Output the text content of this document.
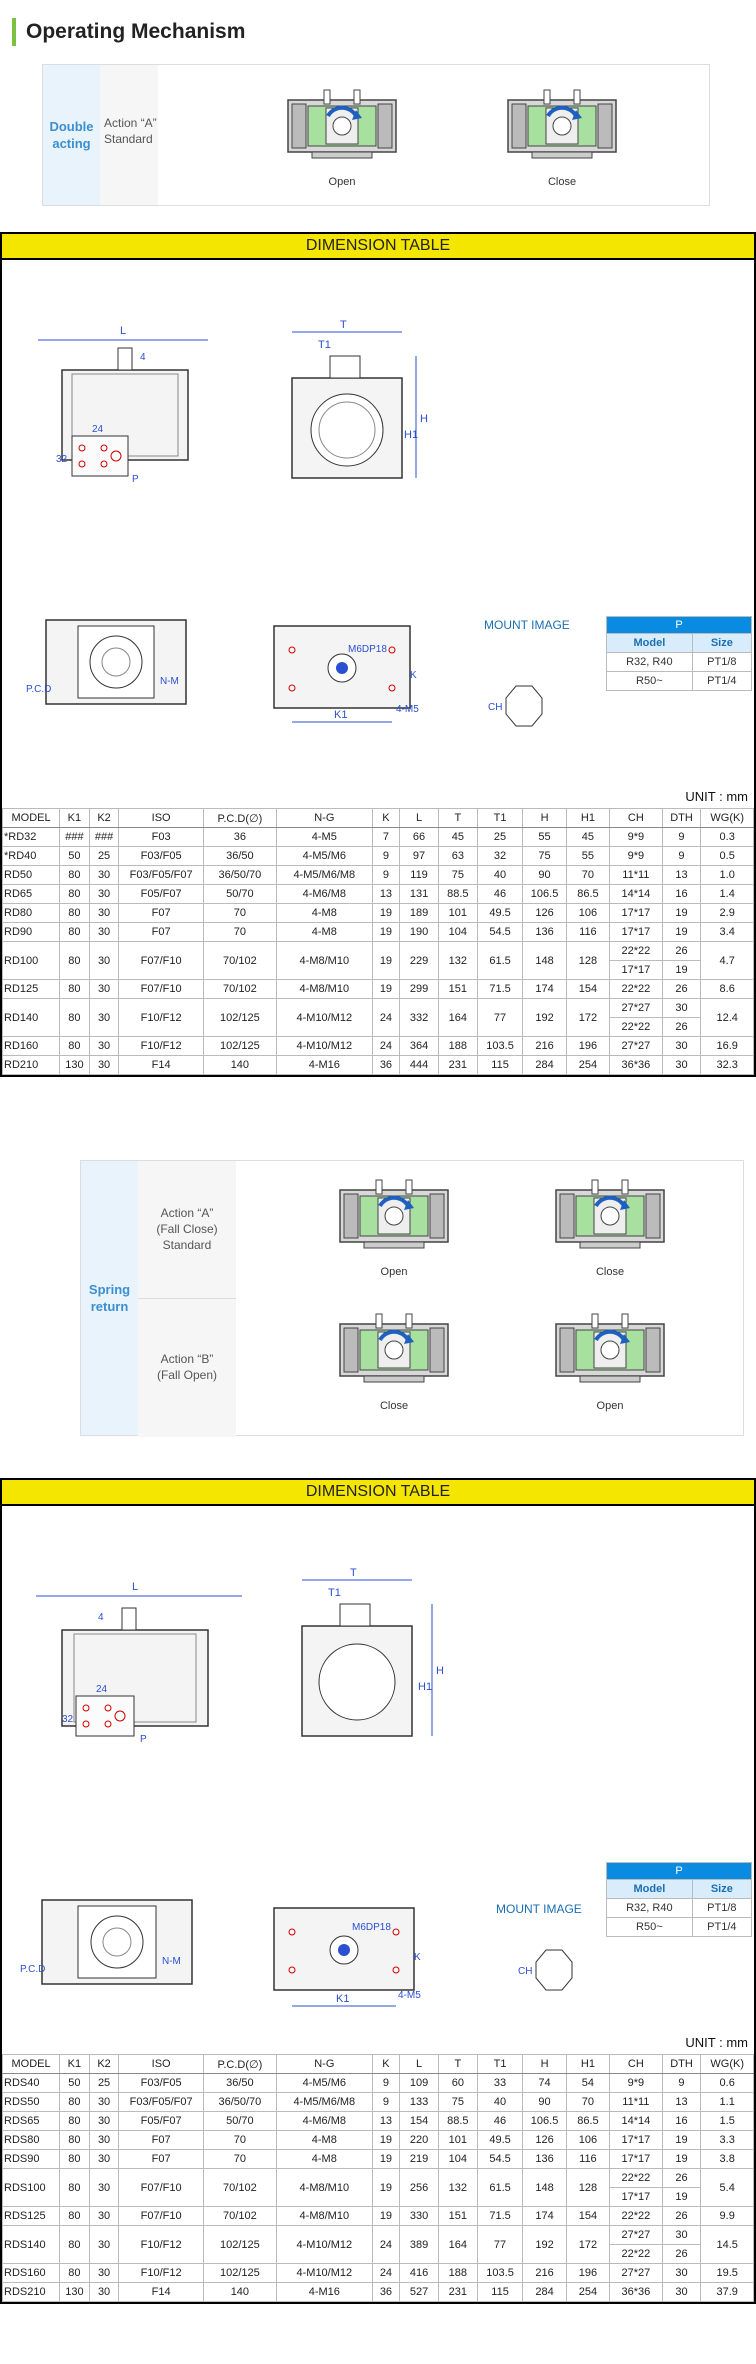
Operating Mechanism
Double acting
Action “A”
Standard
Open	Close
DIMENSION TABLE
L
4
24
32
P
T
T1
H
H1
P.C.D
N-M
K1
M6DP18
4-M5
K
CH
MOUNT IMAGE	P	
Model	Size
R32, R40	PT1/8
R50~	PT1/4
UNIT : mm
MODEL	K1	K2	ISO	P.C.D(∅)	N-G	K	L	T	T1	H	H1	CH	DTH	WG(K)
*RD32	###	###	F03	36	4-M5	7	66	45	25	55	45	9*9	9	0.3
*RD40	50	25	F03/F05	36/50	4-M5/M6	9	97	63	32	75	55	9*9	9	0.5
RD50	80	30	F03/F05/F07	36/50/70	4-M5/M6/M8	9	119	75	40	90	70	11*11	13	1.0
RD65	80	30	F05/F07	50/70	4-M6/M8	13	131	88.5	46	106.5	86.5	14*14	16	1.4
RD80	80	30	F07	70	4-M8	19	189	101	49.5	126	106	17*17	19	2.9
RD90	80	30	F07	70	4-M8	19	190	104	54.5	136	116	17*17	19	3.4
RD100	80	30	F07/F10	70/102	4-M8/M10	19	229	132	61.5	148	128	22*22	26	4.7
												17*17	19	
RD125	80	30	F07/F10	70/102	4-M8/M10	19	299	151	71.5	174	154	22*22	26	8.6
RD140	80	30	F10/F12	102/125	4-M10/M12	24	332	164	77	192	172	27*27	30	12.4
												22*22	26	
RD160	80	30	F10/F12	102/125	4-M10/M12	24	364	188	103.5	216	196	27*27	30	16.9
RD210	130	30	F14	140	4-M16	36	444	231	115	284	254	36*36	30	32.3
Spring return
Action “A”
(Fall Close)
Standard
Action “B”
(Fall Open)
Open	Close
Close	Open
DIMENSION TABLE
L
4
24
32
P
T
T1
H
H1
P.C.D
N-M
K1
M6DP18
4-M5
K
CH
MOUNT IMAGE
P	
Model	Size
R32, R40	PT1/8
R50~	PT1/4
UNIT : mm
MODEL	K1	K2	ISO	P.C.D(∅)	N-G	K	L	T	T1	H	H1	CH	DTH	WG(K)
RDS40	50	25	F03/F05	36/50	4-M5/M6	9	109	60	33	74	54	9*9	9	0.6
RDS50	80	30	F03/F05/F07	36/50/70	4-M5/M6/M8	9	133	75	40	90	70	11*11	13	1.1
RDS65	80	30	F05/F07	50/70	4-M6/M8	13	154	88.5	46	106.5	86.5	14*14	16	1.5
RDS80	80	30	F07	70	4-M8	19	220	101	49.5	126	106	17*17	19	3.3
RDS90	80	30	F07	70	4-M8	19	219	104	54.5	136	116	17*17	19	3.8
RDS100	80	30	F07/F10	70/102	4-M8/M10	19	256	132	61.5	148	128	22*22	26	5.4
												17*17	19	
RDS125	80	30	F07/F10	70/102	4-M8/M10	19	330	151	71.5	174	154	22*22	26	9.9
RDS140	80	30	F10/F12	102/125	4-M10/M12	24	389	164	77	192	172	27*27	30	14.5
												22*22	26	
RDS160	80	30	F10/F12	102/125	4-M10/M12	24	416	188	103.5	216	196	27*27	30	19.5
RDS210	130	30	F14	140	4-M16	36	527	231	115	284	254	36*36	30	37.9
